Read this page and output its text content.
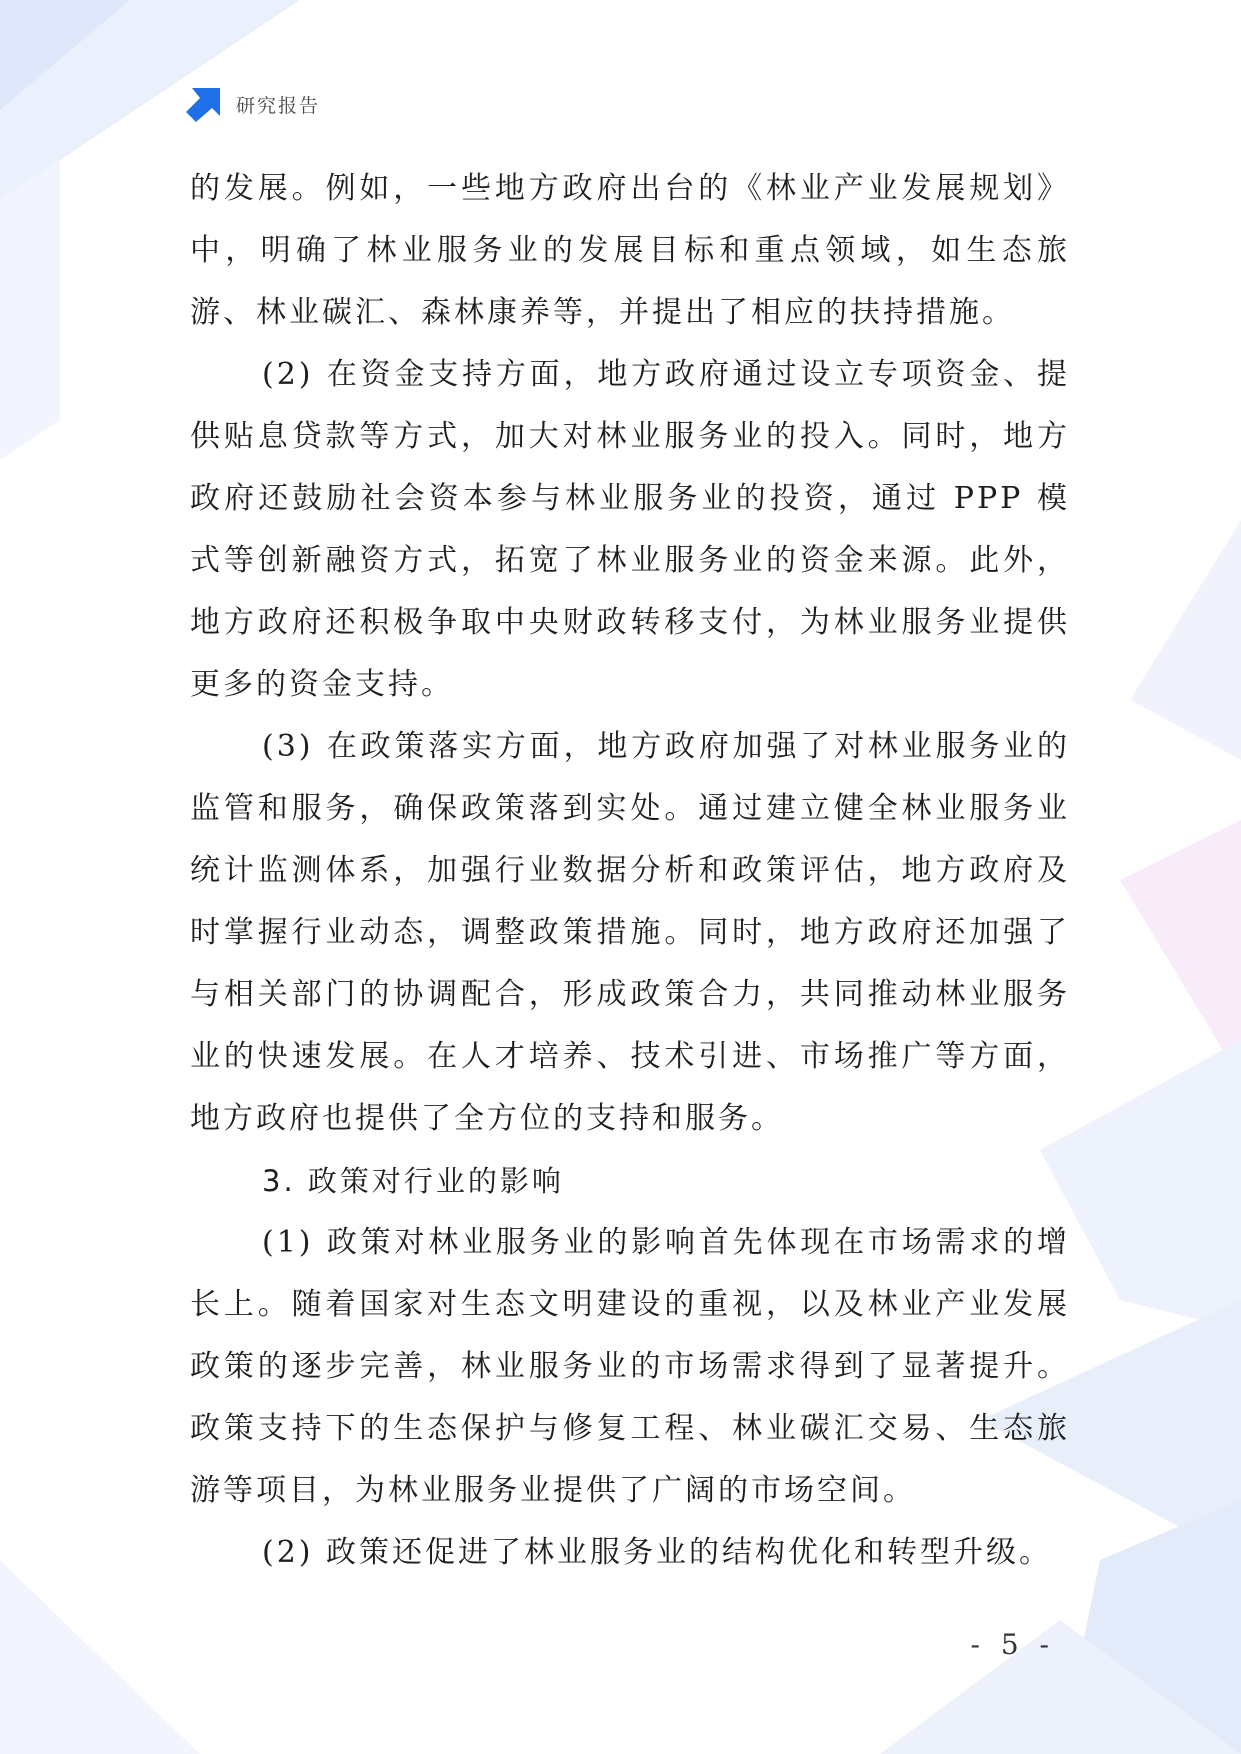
研究报告

的发展。例如，一些地方政府出台的《林业产业发展规划》中，明确了林业服务业的发展目标和重点领域，如生态旅游、林业碳汇、森林康养等，并提出了相应的扶持措施。

(2) 在资金支持方面，地方政府通过设立专项资金、提供贴息贷款等方式，加大对林业服务业的投入。同时，地方政府还鼓励社会资本参与林业服务业的投资，通过 PPP 模式等创新融资方式，拓宽了林业服务业的资金来源。此外，地方政府还积极争取中央财政转移支付，为林业服务业提供更多的资金支持。

(3) 在政策落实方面，地方政府加强了对林业服务业的监管和服务，确保政策落到实处。通过建立健全林业服务业统计监测体系，加强行业数据分析和政策评估，地方政府及时掌握行业动态，调整政策措施。同时，地方政府还加强了与相关部门的协调配合，形成政策合力，共同推动林业服务业的快速发展。在人才培养、技术引进、市场推广等方面，地方政府也提供了全方位的支持和服务。

3. 政策对行业的影响

(1) 政策对林业服务业的影响首先体现在市场需求的增长上。随着国家对生态文明建设的重视，以及林业产业发展政策的逐步完善，林业服务业的市场需求得到了显著提升。政策支持下的生态保护与修复工程、林业碳汇交易、生态旅游等项目，为林业服务业提供了广阔的市场空间。

(2) 政策还促进了林业服务业的结构优化和转型升级。

- 5 -
